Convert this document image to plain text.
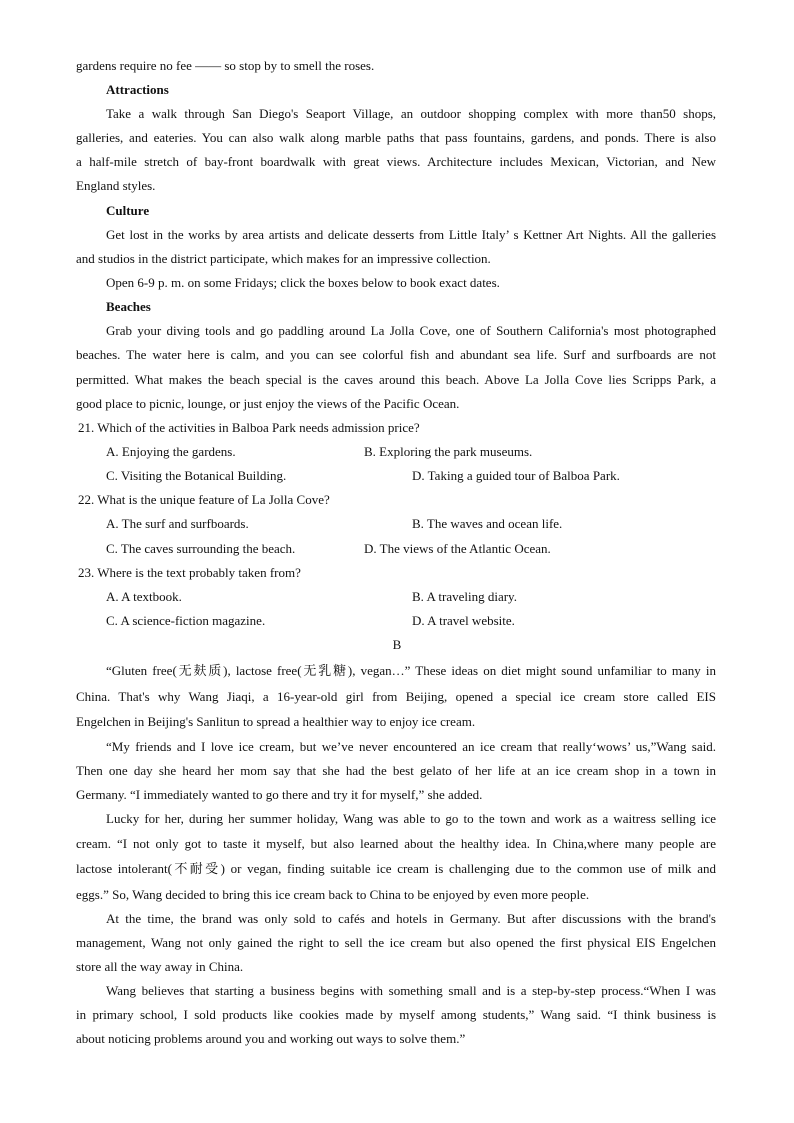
gardens require no fee —— so stop by to smell the roses.
Attractions
Take a walk through San Diego's Seaport Village, an outdoor shopping complex with more than50 shops,
galleries, and eateries. You can also walk along marble paths that pass fountains, gardens, and ponds. There is also
a half-mile stretch of bay-front boardwalk with great views. Architecture includes Mexican, Victorian, and New
England styles.
Culture
Get lost in the works by area artists and delicate desserts from Little Italy’ s Kettner Art Nights. All the galleries
and studios in the district participate, which makes for an impressive collection.
Open 6-9 p. m. on some Fridays; click the boxes below to book exact dates.
Beaches
Grab your diving tools and go paddling around La Jolla Cove, one of Southern California's most photographed
beaches. The water here is calm, and you can see colorful fish and abundant sea life. Surf and surfboards are not
permitted. What makes the beach special is the caves around this beach. Above La Jolla Cove lies Scripps Park, a
good place to picnic, lounge, or just enjoy the views of the Pacific Ocean.
21. Which of the activities in Balboa Park needs admission price?
A. Enjoying the gardens.	B. Exploring the park museums.
C. Visiting the Botanical Building.	D. Taking a guided tour of Balboa Park.
22. What is the unique feature of La Jolla Cove?
A. The surf and surfboards.	B. The waves and ocean life.
C. The caves surrounding the beach.	D. The views of the Atlantic Ocean.
23. Where is the text probably taken from?
A. A textbook.	B. A traveling diary.
C. A science-fiction magazine.	D. A travel website.
B
“Gluten free(无麸质), lactose free(无乳糖), vegan…” These ideas on diet might sound unfamiliar to many in
China. That's why Wang Jiaqi, a 16-year-old girl from Beijing, opened a special ice cream store called EIS
Engelchen in Beijing's Sanlitun to spread a healthier way to enjoy ice cream.
“My friends and I love ice cream, but we’ve never encountered an ice cream that really‘wows’ us,”Wang said.
Then one day she heard her mom say that she had the best gelato of her life at an ice cream shop in a town in
Germany. “I immediately wanted to go there and try it for myself,” she added.
Lucky for her, during her summer holiday, Wang was able to go to the town and work as a waitress selling ice
cream. “I not only got to taste it myself, but also learned about the healthy idea. In China,where many people are
lactose intolerant(不耐受) or vegan, finding suitable ice cream is challenging due to the common use of milk and
eggs.” So, Wang decided to bring this ice cream back to China to be enjoyed by even more people.
At the time, the brand was only sold to cafés and hotels in Germany. But after discussions with the brand's
management, Wang not only gained the right to sell the ice cream but also opened the first physical EIS Engelchen
store all the way away in China.
Wang believes that starting a business begins with something small and is a step-by-step process.“When I was
in primary school, I sold products like cookies made by myself among students,” Wang said. “I think business is
about noticing problems around you and working out ways to solve them.”
